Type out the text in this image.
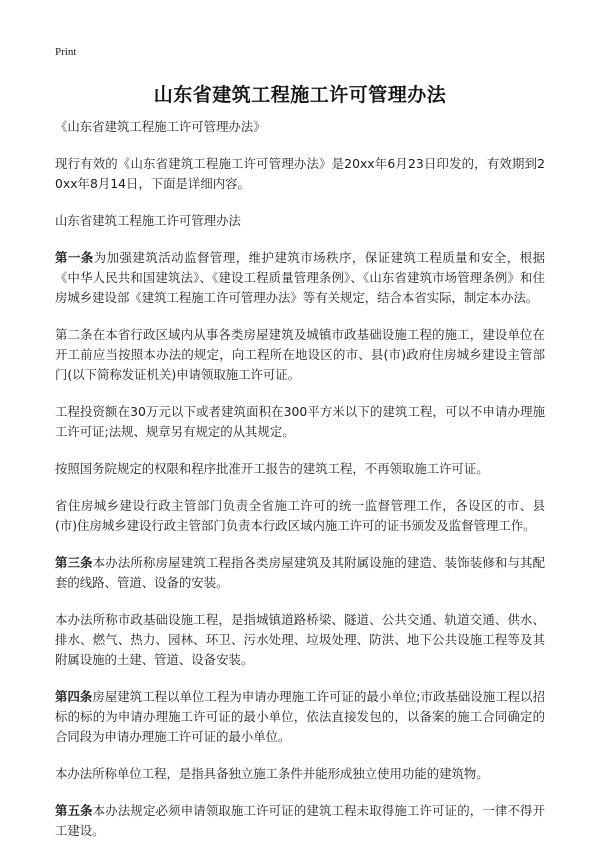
Print
山东省建筑工程施工许可管理办法

《山东省建筑工程施工许可管理办法》

现行有效的《山东省建筑工程施工许可管理办法》是20xx年6月23日印发的，有效期到20xx年8月14日，下面是详细内容。

山东省建筑工程施工许可管理办法

第一条为加强建筑活动监督管理，维护建筑市场秩序，保证建筑工程质量和安全，根据《中华人民共和国建筑法》、《建设工程质量管理条例》、《山东省建筑市场管理条例》和住房城乡建设部《建筑工程施工许可管理办法》等有关规定，结合本省实际，制定本办法。

第二条在本省行政区域内从事各类房屋建筑及城镇市政基础设施工程的施工，建设单位在开工前应当按照本办法的规定，向工程所在地设区的市、县(市)政府住房城乡建设主管部门(以下简称发证机关)申请领取施工许可证。

工程投资额在30万元以下或者建筑面积在300平方米以下的建筑工程，可以不申请办理施工许可证;法规、规章另有规定的从其规定。

按照国务院规定的权限和程序批准开工报告的建筑工程，不再领取施工许可证。

省住房城乡建设行政主管部门负责全省施工许可的统一监督管理工作，各设区的市、县(市)住房城乡建设行政主管部门负责本行政区域内施工许可的证书颁发及监督管理工作。

第三条本办法所称房屋建筑工程指各类房屋建筑及其附属设施的建造、装饰装修和与其配套的线路、管道、设备的安装。

本办法所称市政基础设施工程，是指城镇道路桥梁、隧道、公共交通、轨道交通、供水、排水、燃气、热力、园林、环卫、污水处理、垃圾处理、防洪、地下公共设施工程等及其附属设施的土建、管道、设备安装。

第四条房屋建筑工程以单位工程为申请办理施工许可证的最小单位;市政基础设施工程以招标的标的为申请办理施工许可证的最小单位，依法直接发包的，以备案的施工合同确定的合同段为申请办理施工许可证的最小单位。

本办法所称单位工程，是指具备独立施工条件并能形成独立使用功能的建筑物。

第五条本办法规定必须申请领取施工许可证的建筑工程未取得施工许可证的，一律不得开工建设。
